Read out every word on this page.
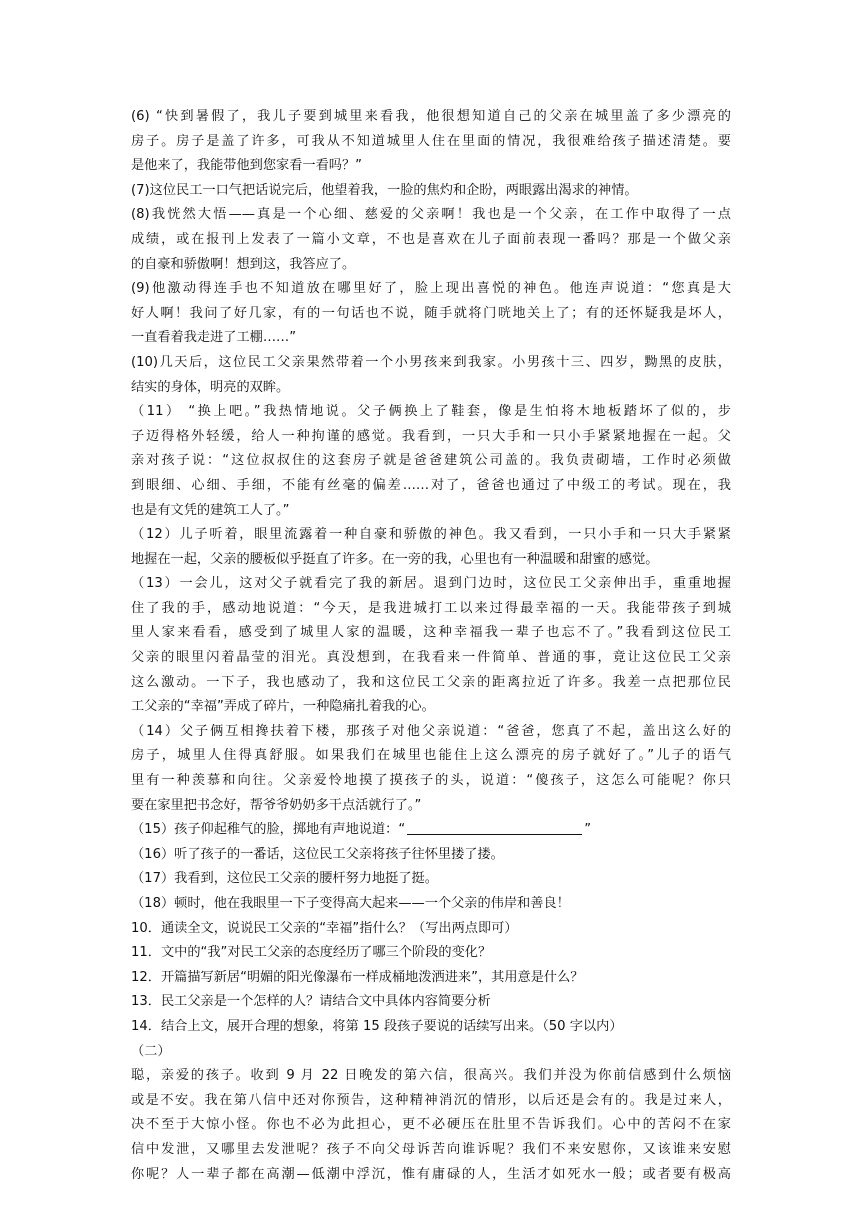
(6) “快到暑假了，我儿子要到城里来看我，他很想知道自己的父亲在城里盖了多少漂亮的
房子。房子是盖了许多，可我从不知道城里人住在里面的情况，我很难给孩子描述清楚。要
是他来了，我能带他到您家看一看吗？”
(7)这位民工一口气把话说完后，他望着我，一脸的焦灼和企盼，两眼露出渴求的神情。
(8)我恍然大悟——真是一个心细、慈爱的父亲啊！我也是一个父亲，在工作中取得了一点
成绩，或在报刊上发表了一篇小文章，不也是喜欢在儿子面前表现一番吗？那是一个做父亲
的自豪和骄傲啊！想到这，我答应了。
(9)他激动得连手也不知道放在哪里好了，脸上现出喜悦的神色。他连声说道：“您真是大
好人啊！我问了好几家，有的一句话也不说，随手就将门咣地关上了；有的还怀疑我是坏人，
一直看着我走进了工棚……”
(10)几天后，这位民工父亲果然带着一个小男孩来到我家。小男孩十三、四岁，黝黑的皮肤，
结实的身体，明亮的双眸。
（11） “换上吧。”我热情地说。父子俩换上了鞋套，像是生怕将木地板踏坏了似的，步
子迈得格外轻缓，给人一种拘谨的感觉。我看到，一只大手和一只小手紧紧地握在一起。父
亲对孩子说：“这位叔叔住的这套房子就是爸爸建筑公司盖的。我负责砌墙，工作时必须做
到眼细、心细、手细，不能有丝毫的偏差……对了，爸爸也通过了中级工的考试。现在，我
也是有文凭的建筑工人了。”
（12）儿子听着，眼里流露着一种自豪和骄傲的神色。我又看到，一只小手和一只大手紧紧
地握在一起，父亲的腰板似乎挺直了许多。在一旁的我，心里也有一种温暖和甜蜜的感觉。
（13）一会儿，这对父子就看完了我的新居。退到门边时，这位民工父亲伸出手，重重地握
住了我的手，感动地说道：“今天，是我进城打工以来过得最幸福的一天。我能带孩子到城
里人家来看看，感受到了城里人家的温暖，这种幸福我一辈子也忘不了。”我看到这位民工
父亲的眼里闪着晶莹的泪光。真没想到，在我看来一件简单、普通的事，竟让这位民工父亲
这么激动。一下子，我也感动了，我和这位民工父亲的距离拉近了许多。我差一点把那位民
工父亲的“幸福”弄成了碎片，一种隐痛扎着我的心。
（14）父子俩互相搀扶着下楼，那孩子对他父亲说道：“爸爸，您真了不起，盖出这么好的
房子，城里人住得真舒服。如果我们在城里也能住上这么漂亮的房子就好了。”儿子的语气
里有一种羡慕和向往。父亲爱怜地摸了摸孩子的头，说道：“傻孩子，这怎么可能呢？你只
要在家里把书念好，帮爷爷奶奶多干点活就行了。”
（15）孩子仰起稚气的脸，掷地有声地说道：“	”
（16）听了孩子的一番话，这位民工父亲将孩子往怀里搂了搂。
（17）我看到，这位民工父亲的腰杆努力地挺了挺。
（18）顿时，他在我眼里一下子变得高大起来——一个父亲的伟岸和善良！
10．通读全文，说说民工父亲的“幸福”指什么？（写出两点即可）
11．文中的“我”对民工父亲的态度经历了哪三个阶段的变化？
12．开篇描写新居“明媚的阳光像瀑布一样成桶地泼洒进来”，其用意是什么？
13．民工父亲是一个怎样的人？请结合文中具体内容简要分析
14．结合上文，展开合理的想象，将第 15 段孩子要说的话续写出来。（50 字以内）
（二）
聪，亲爱的孩子。收到 9 月 22 日晚发的第六信，很高兴。我们并没为你前信感到什么烦恼
或是不安。我在第八信中还对你预告，这种精神消沉的情形，以后还是会有的。我是过来人，
决不至于大惊小怪。你也不必为此担心，更不必硬压在肚里不告诉我们。心中的苦闷不在家
信中发泄，又哪里去发泄呢？孩子不向父母诉苦向谁诉呢？我们不来安慰你，又该谁来安慰
你呢？人一辈子都在高潮—低潮中浮沉，惟有庸碌的人，生活才如死水一般；或者要有极高
